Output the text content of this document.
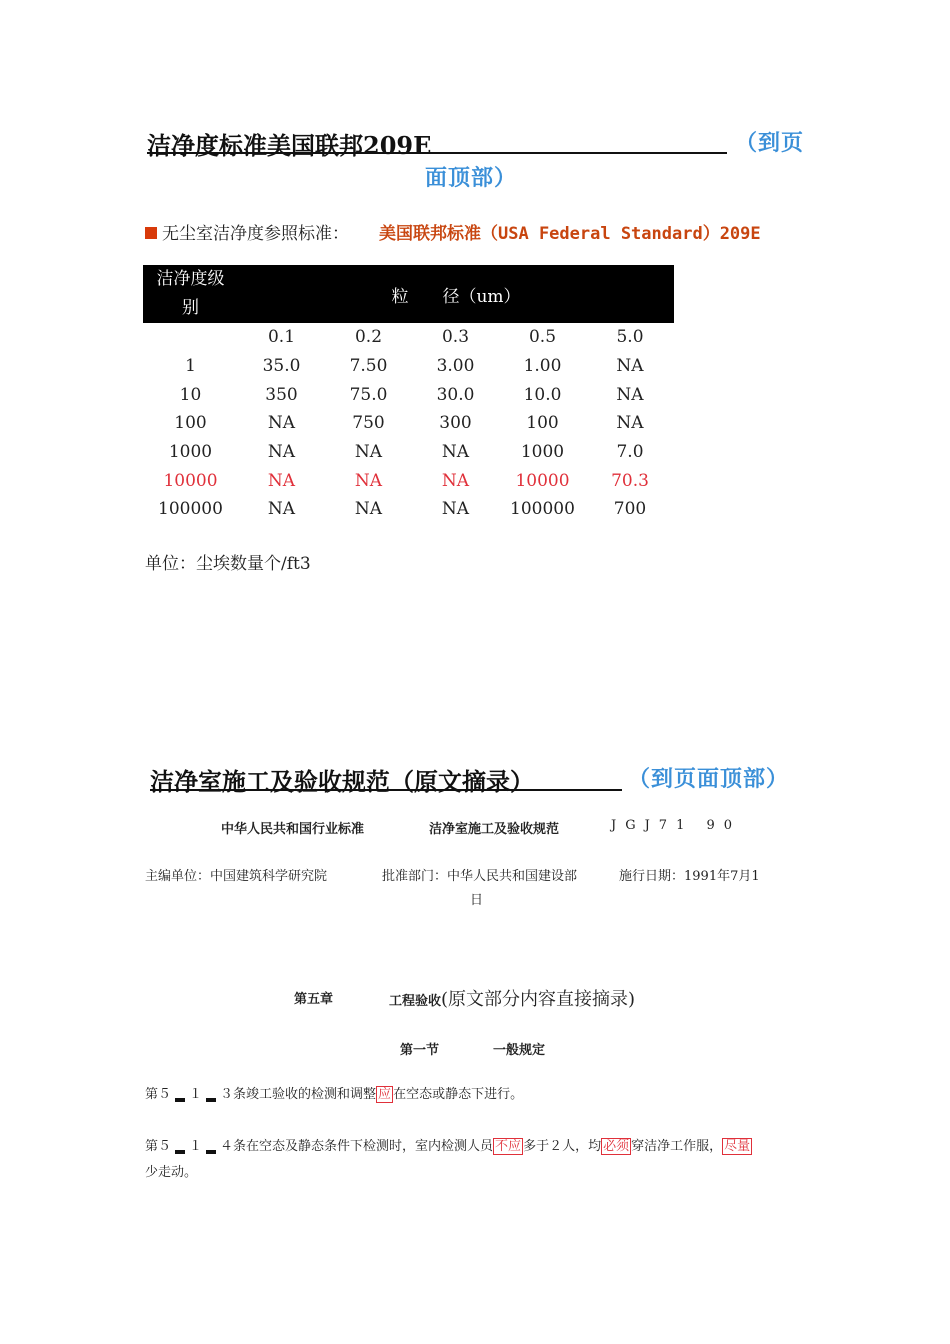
洁净度标准美国联邦209E	（到页
面顶部）
无尘室洁净度参照标准： 美国联邦标准（USA Federal Standard）209E
洁净度级
别	粒　　径（um）				
	0.1	0.2	0.3	0.5	5.0
1	35.0	7.50	3.00	1.00	NA
10	350	75.0	30.0	10.0	NA
100	NA	750	300	100	NA
1000	NA	NA	NA	1000	7.0
10000	NA	NA	NA	10000	70.3
100000	NA	NA	NA	100000	700
单位：尘埃数量个/ft3
洁净室施工及验收规范（原文摘录）	（到页面顶部）
中华人民共和国行业标准	洁净室施工及验收规范	JGJ71 90
主编单位：中国建筑科学研究院	批准部门：中华人民共和国建设部	施行日期：1991年7月1
日
第五章	工程验收(原文部分内容直接摘录)
第一节	一般规定
第５ １ ３条竣工验收的检测和调整 应 在空态或静态下进行。
第５ １ ４条在空态及静态条件下检测时，室内检测人员 不应 多于２人，均 必须 穿洁净工作服， 尽量
少走动。
